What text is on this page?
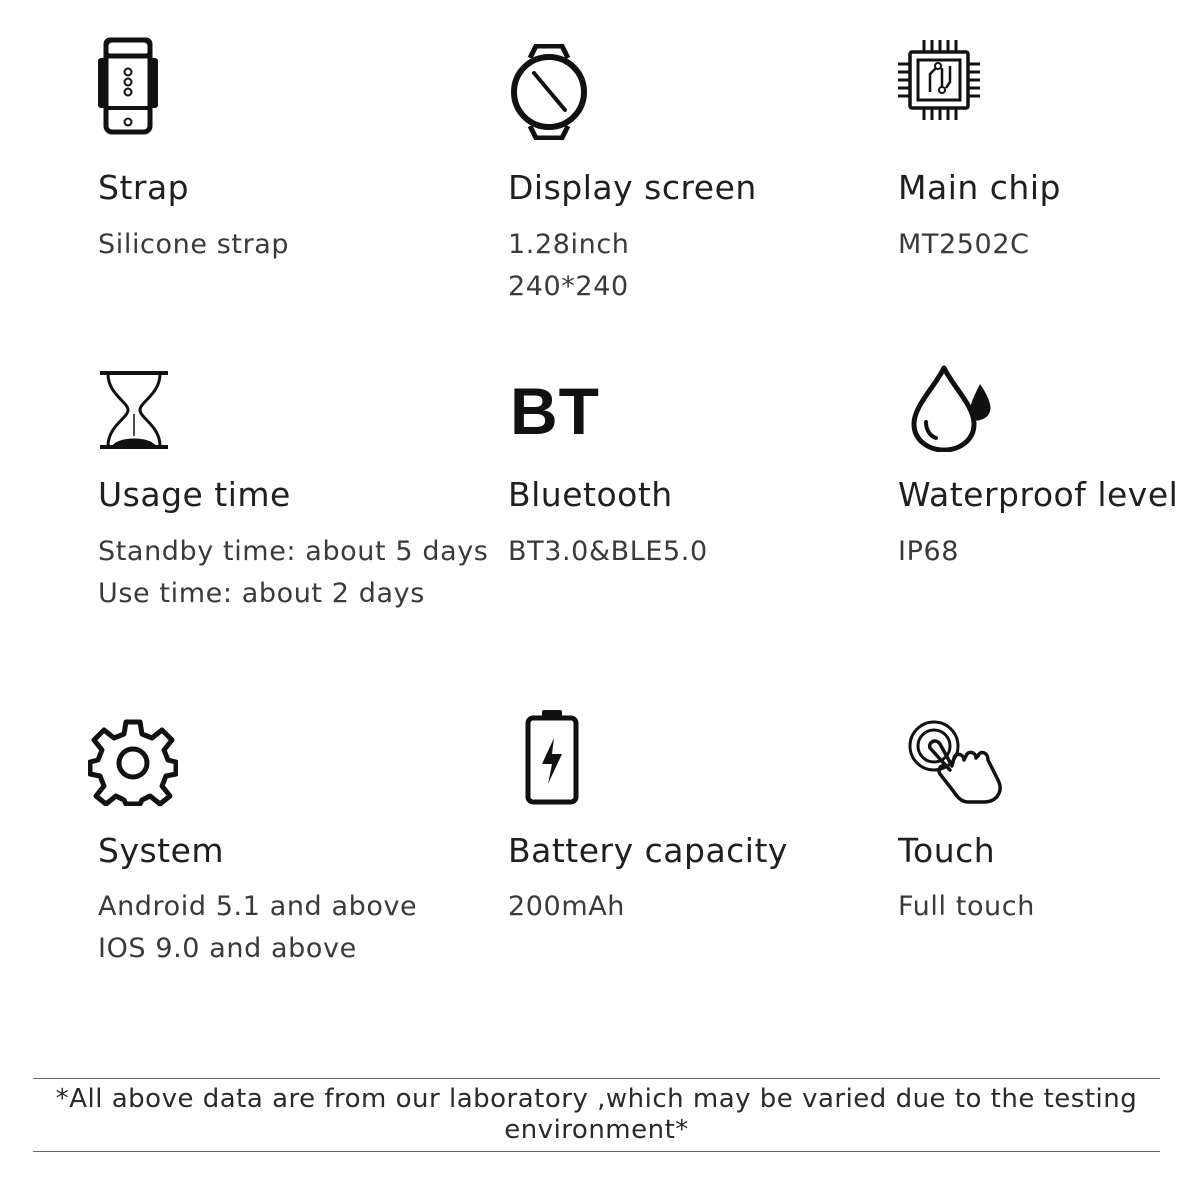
Strap
Silicone strap
Display screen
1.28inch
240*240
Main chip
MT2502C
Usage time
Standby time: about 5 days
Use time: about 2 days
BT
Bluetooth
BT3.0&BLE5.0
Waterproof level
IP68
System
Android 5.1 and above
IOS 9.0 and above
Battery capacity
200mAh
Touch
Full touch
*All above data are from our laboratory ,which may be varied due to the testing environment*
